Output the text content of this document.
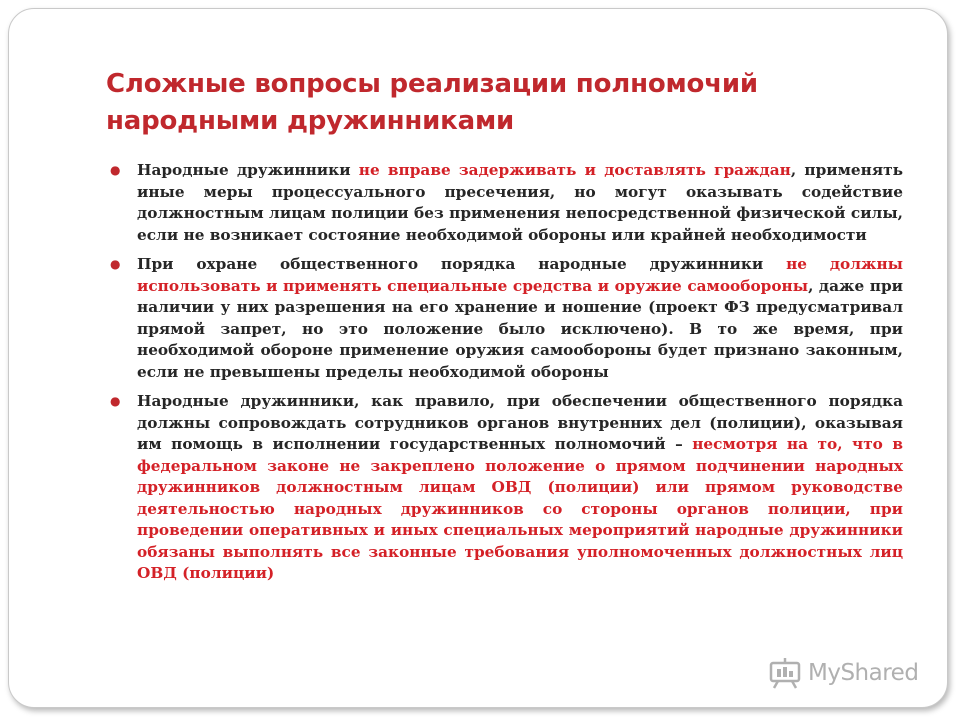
Сложные вопросы реализации полномочий народными дружинниками
● Народные дружинники не вправе задерживать и доставлять граждан, применять иные меры процессуального пресечения, но могут оказывать содействие должностным лицам полиции без применения непосредственной физической силы, если не возникает состояние необходимой обороны или крайней необходимости
● При охране общественного порядка народные дружинники не должны использовать и применять специальные средства и оружие самообороны, даже при наличии у них разрешения на его хранение и ношение (проект ФЗ предусматривал прямой запрет, но это положение было исключено). В то же время, при необходимой обороне применение оружия самообороны будет признано законным, если не превышены пределы необходимой обороны
● Народные дружинники, как правило, при обеспечении общественного порядка должны сопровождать сотрудников органов внутренних дел (полиции), оказывая им помощь в исполнении государственных полномочий – несмотря на то, что в федеральном законе не закреплено положение о прямом подчинении народных дружинников должностным лицам ОВД (полиции) или прямом руководстве деятельностью народных дружинников со стороны органов полиции, при проведении оперативных и иных специальных мероприятий народные дружинники обязаны выполнять все законные требования уполномоченных должностных лиц ОВД (полиции)
MyShared
